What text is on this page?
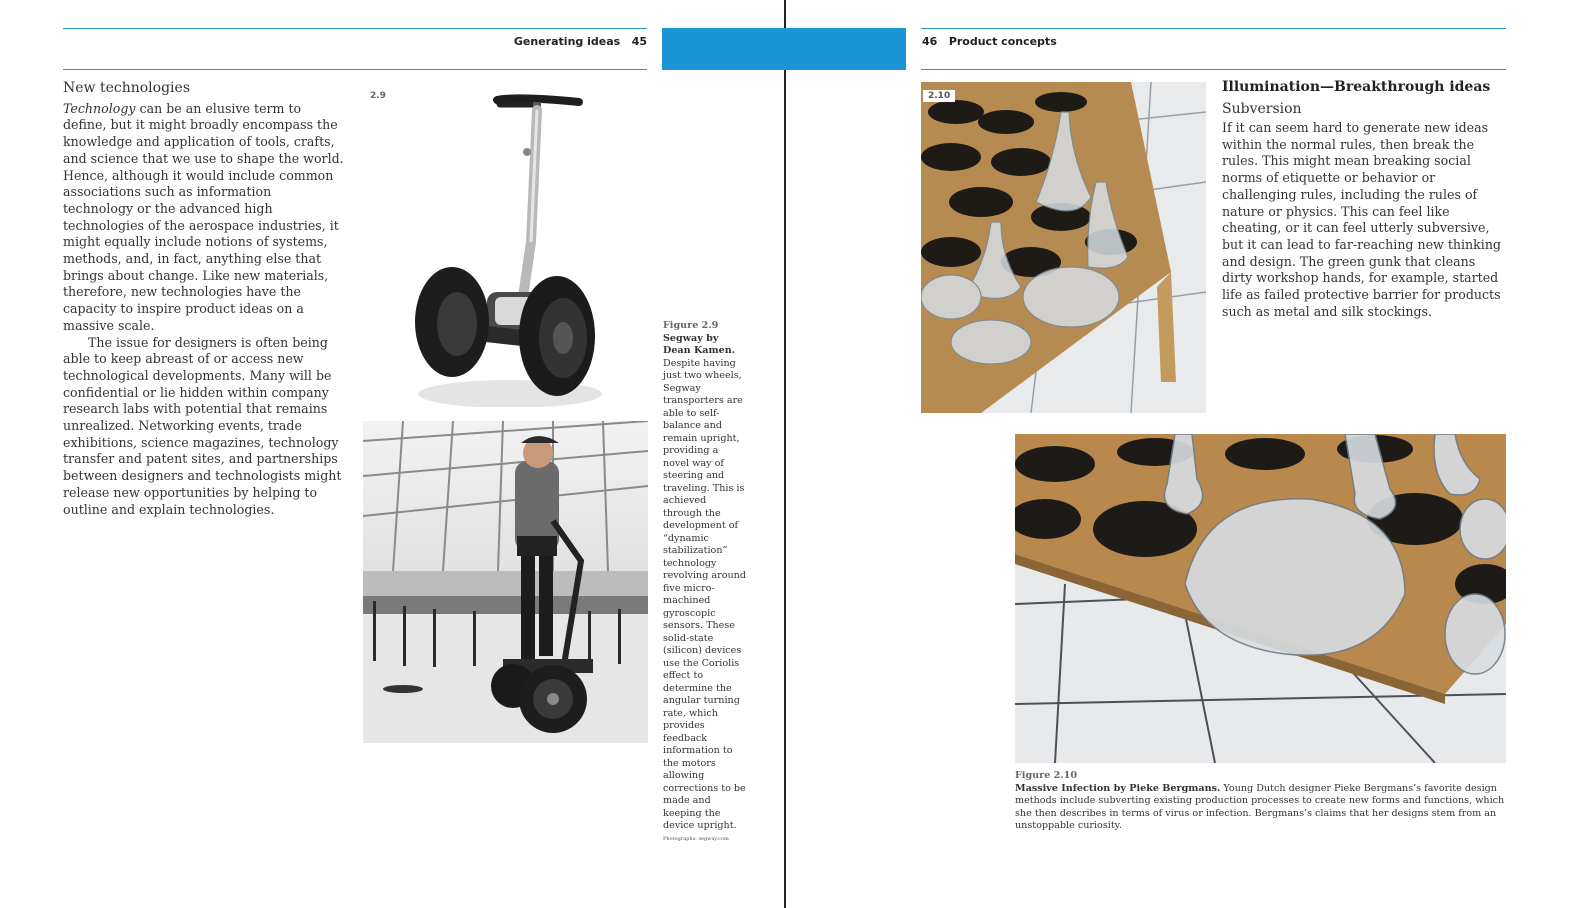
Generating ideas 45
New technologies

Technology can be an elusive term to define, but it might broadly encompass the knowledge and application of tools, crafts, and science that we use to shape the world. Hence, although it would include common associations such as information technology or the advanced high technologies of the aerospace industries, it might equally include notions of systems, methods, and, in fact, anything else that brings about change. Like new materials, therefore, new technologies have the capacity to inspire product ideas on a massive scale.

The issue for designers is often being able to keep abreast of or access new technological developments. Many will be confidential or lie hidden within company research labs with potential that remains unrealized. Networking events, trade exhibitions, science magazines, technology transfer and patent sites, and partnerships between designers and technologists might release new opportunities by helping to outline and explain technologies.

2.9
Figure 2.9
Segway by Dean Kamen. Despite having just two wheels, Segway transporters are able to self-balance and remain upright, providing a novel way of steering and traveling. This is achieved through the development of “dynamic stabilization” technology revolving around five micro-machined gyroscopic sensors. These solid-state (silicon) devices use the Coriolis effect to determine the angular turning rate, which provides feedback information to the motors allowing corrections to be made and keeping the device upright.
Photographs: segway.com
46 Product concepts
2.10
Illumination—Breakthrough ideas
Subversion

If it can seem hard to generate new ideas within the normal rules, then break the rules. This might mean breaking social norms of etiquette or behavior or challenging rules, including the rules of nature or physics. This can feel like cheating, or it can feel utterly subversive, but it can lead to far-reaching new thinking and design. The green gunk that cleans dirty workshop hands, for example, started life as failed protective barrier for products such as metal and silk stockings.

Figure 2.10
Massive Infection by Pieke Bergmans. Young Dutch designer Pieke Bergmans’s favorite design methods include subverting existing production processes to create new forms and functions, which she then describes in terms of virus or infection. Bergmans’s claims that her designs stem from an unstoppable curiosity.
